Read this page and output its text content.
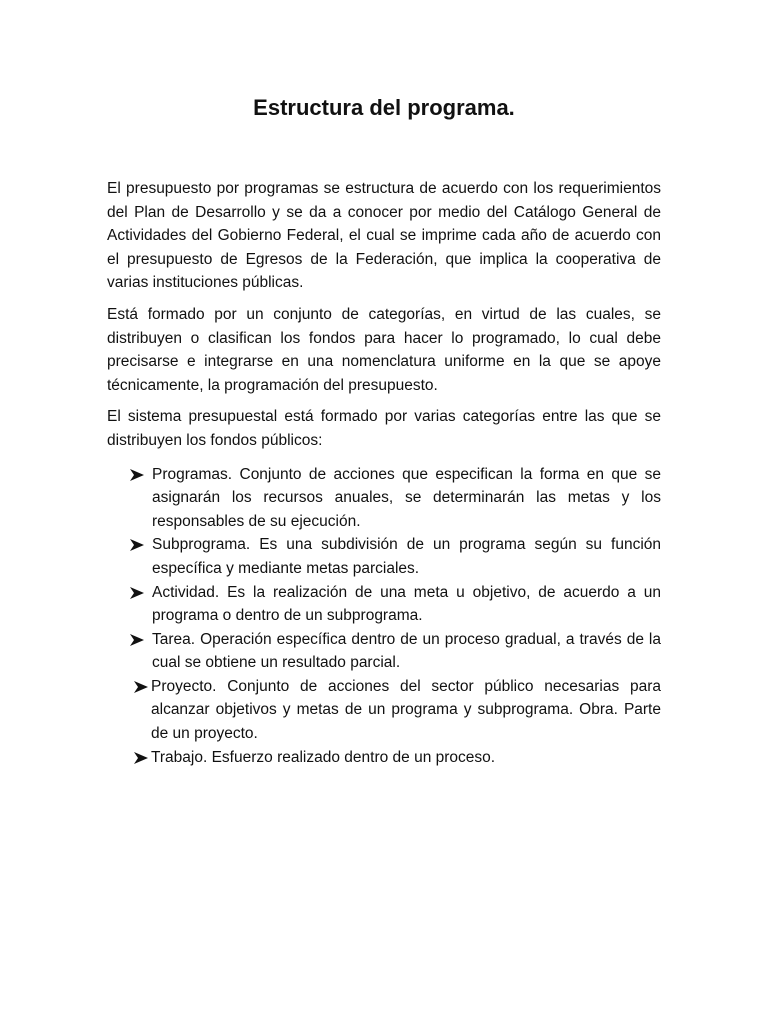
Estructura del programa.

El presupuesto por programas se estructura de acuerdo con los requerimientos del Plan de Desarrollo y se da a conocer por medio del Catálogo General de Actividades del Gobierno Federal, el cual se imprime cada año de acuerdo con el presupuesto de Egresos de la Federación, que implica la cooperativa de varias instituciones públicas.

Está formado por un conjunto de categorías, en virtud de las cuales, se distribuyen o clasifican los fondos para hacer lo programado, lo cual debe precisarse e integrarse en una nomenclatura uniforme en la que se apoye técnicamente, la programación del presupuesto.

El sistema presupuestal está formado por varias categorías entre las que se distribuyen los fondos públicos:

Programas. Conjunto de acciones que especifican la forma en que se asignarán los recursos anuales, se determinarán las metas y los responsables de su ejecución.
Subprograma. Es una subdivisión de un programa según su función específica y mediante metas parciales.
Actividad. Es la realización de una meta u objetivo, de acuerdo a un programa o dentro de un subprograma.
Tarea. Operación específica dentro de un proceso gradual, a través de la cual se obtiene un resultado parcial.
Proyecto. Conjunto de acciones del sector público necesarias para alcanzar objetivos y metas de un programa y subprograma. Obra. Parte de un proyecto.
Trabajo. Esfuerzo realizado dentro de un proceso.
